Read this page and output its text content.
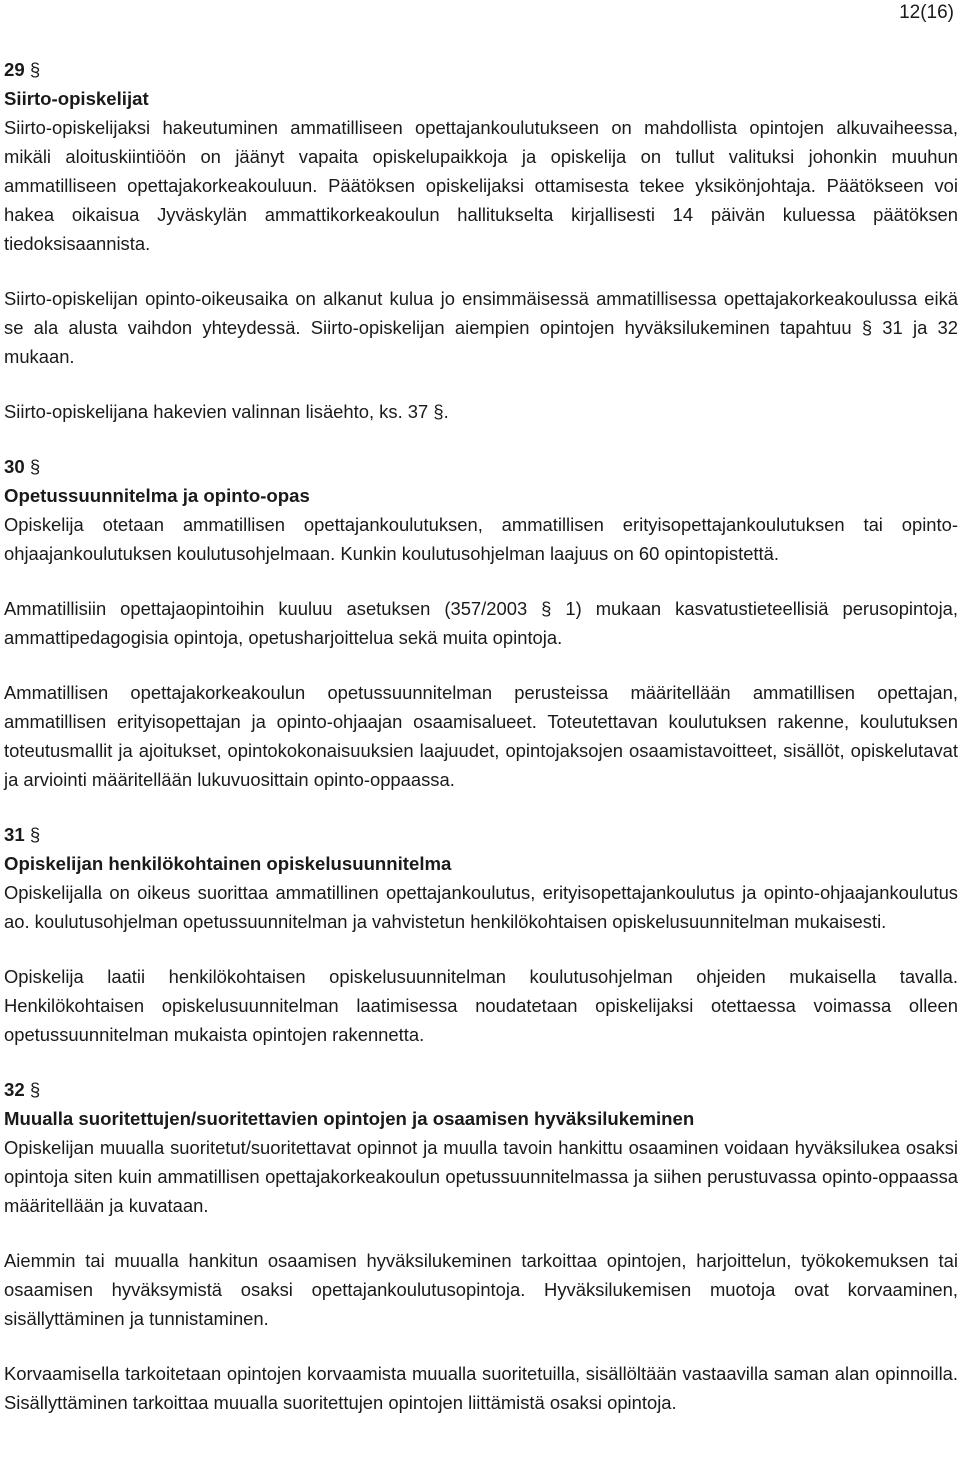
12(16)
29 §
Siirto-opiskelijat

Siirto-opiskelijaksi hakeutuminen ammatilliseen opettajankoulutukseen on mahdollista opintojen alkuvaiheessa, mikäli aloituskiintiöön on jäänyt vapaita opiskelupaikkoja ja opiskelija on tullut valituksi johonkin muuhun ammatilliseen opettajakorkeakouluun. Päätöksen opiskelijaksi ottamisesta tekee yksikönjohtaja. Päätökseen voi hakea oikaisua Jyväskylän ammattikorkeakoulun hallitukselta kirjallisesti 14 päivän kuluessa päätöksen tiedoksisaannista.

Siirto-opiskelijan opinto-oikeusaika on alkanut kulua jo ensimmäisessä ammatillisessa opettajakorkeakoulussa eikä se ala alusta vaihdon yhteydessä. Siirto-opiskelijan aiempien opintojen hyväksilukeminen tapahtuu § 31 ja 32 mukaan.

Siirto-opiskelijana hakevien valinnan lisäehto, ks. 37 §.

30 §
Opetussuunnitelma ja opinto-opas

Opiskelija otetaan ammatillisen opettajankoulutuksen, ammatillisen erityisopettajankoulutuksen tai opinto-ohjaajankoulutuksen koulutusohjelmaan. Kunkin koulutusohjelman laajuus on 60 opintopistettä.

Ammatillisiin opettajaopintoihin kuuluu asetuksen (357/2003 § 1) mukaan kasvatustieteellisiä perusopintoja, ammattipedagogisia opintoja, opetusharjoittelua sekä muita opintoja.

Ammatillisen opettajakorkeakoulun opetussuunnitelman perusteissa määritellään ammatillisen opettajan, ammatillisen erityisopettajan ja opinto-ohjaajan osaamisalueet. Toteutettavan koulutuksen rakenne, koulutuksen toteutusmallit ja ajoitukset, opintokokonaisuuksien laajuudet, opintojaksojen osaamistavoitteet, sisällöt, opiskelutavat ja arviointi määritellään lukuvuosittain opinto-oppaassa.

31 §
Opiskelijan henkilökohtainen opiskelusuunnitelma

Opiskelijalla on oikeus suorittaa ammatillinen opettajankoulutus, erityisopettajankoulutus ja opinto-ohjaajankoulutus ao. koulutusohjelman opetussuunnitelman ja vahvistetun henkilökohtaisen opiskelusuunnitelman mukaisesti.

Opiskelija laatii henkilökohtaisen opiskelusuunnitelman koulutusohjelman ohjeiden mukaisella tavalla. Henkilökohtaisen opiskelusuunnitelman laatimisessa noudatetaan opiskelijaksi otettaessa voimassa olleen opetussuunnitelman mukaista opintojen rakennetta.

32 §
Muualla suoritettujen/suoritettavien opintojen ja osaamisen hyväksilukeminen

Opiskelijan muualla suoritetut/suoritettavat opinnot ja muulla tavoin hankittu osaaminen voidaan hyväksilukea osaksi opintoja siten kuin ammatillisen opettajakorkeakoulun opetussuunnitelmassa ja siihen perustuvassa opinto-oppaassa määritellään ja kuvataan.

Aiemmin tai muualla hankitun osaamisen hyväksilukeminen tarkoittaa opintojen, harjoittelun, työkokemuksen tai osaamisen hyväksymistä osaksi opettajankoulutusopintoja. Hyväksilukemisen muotoja ovat korvaaminen, sisällyttäminen ja tunnistaminen.

Korvaamisella tarkoitetaan opintojen korvaamista muualla suoritetuilla, sisällöltään vastaavilla saman alan opinnoilla. Sisällyttäminen tarkoittaa muualla suoritettujen opintojen liittämistä osaksi opintoja.
